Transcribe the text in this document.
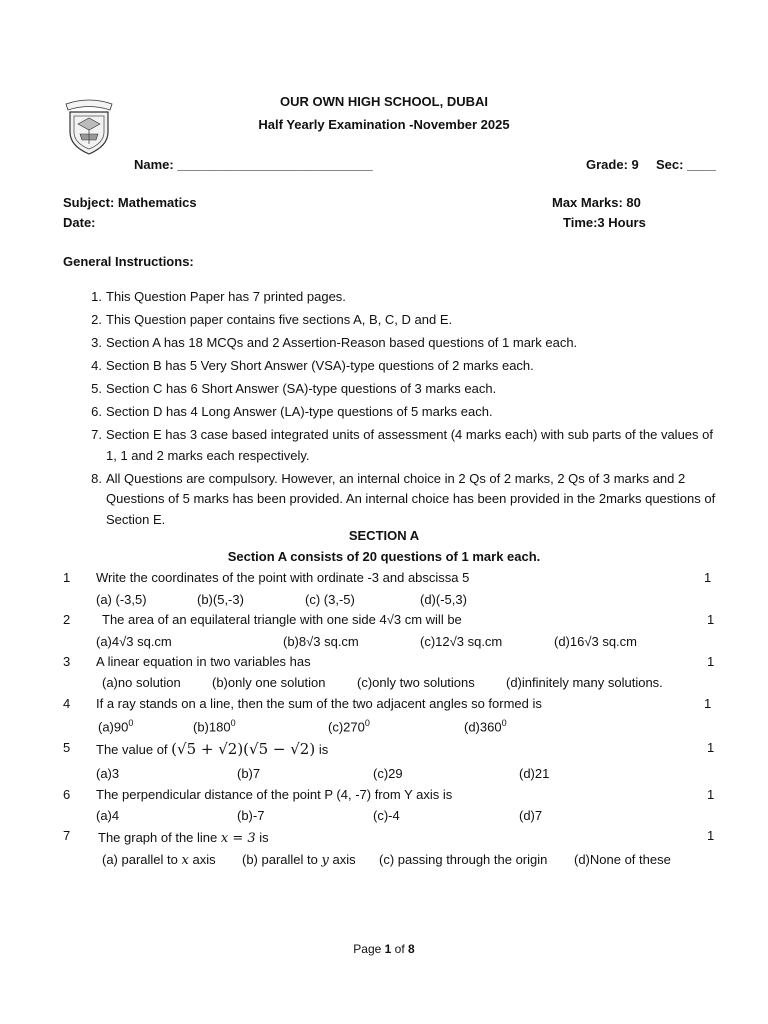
OUR OWN HIGH SCHOOL, DUBAI
Half Yearly Examination -November 2025
Name: ___________________________	Grade: 9 Sec: ____
Subject: Mathematics	Max Marks: 80
Date:	Time:3 Hours
General Instructions:
1. This Question Paper has 7 printed pages.
2. This Question paper contains five sections A, B, C, D and E.
3. Section A has 18 MCQs and 2 Assertion-Reason based questions of 1 mark each.
4. Section B has 5 Very Short Answer (VSA)-type questions of 2 marks each.
5. Section C has 6 Short Answer (SA)-type questions of 3 marks each.
6. Section D has 4 Long Answer (LA)-type questions of 5 marks each.
7. Section E has 3 case based integrated units of assessment (4 marks each) with sub parts of the values of 1, 1 and 2 marks each respectively.
8. All Questions are compulsory. However, an internal choice in 2 Qs of 2 marks, 2 Qs of 3 marks and 2 Questions of 5 marks has been provided. An internal choice has been provided in the 2marks questions of Section E.
SECTION A
Section A consists of 20 questions of 1 mark each.
1 Write the coordinates of the point with ordinate -3 and abscissa 5	1
(a) (-3,5)	(b)(5,-3)	(c) (3,-5)	(d)(-5,3)
2 The area of an equilateral triangle with one side 4√3 cm will be	1
(a)4√3 sq.cm	(b)8√3 sq.cm	(c)12√3 sq.cm	(d)16√3 sq.cm
3 A linear equation in two variables has	1
(a)no solution (b)only one solution (c)only two solutions (d)infinitely many solutions.
4 If a ray stands on a line, then the sum of the two adjacent angles so formed is	1
$(a)90^0$	$(b)180^0$	$(c)270^0$	$(d)360^0$
5 The value of (√5 + √2)(√5 − √2) is	1
(a)3	(b)7	(c)29	(d)21
6 The perpendicular distance of the point P (4, -7) from Y axis is	1
(a)4	(b)-7	(c)-4	(d)7
7 The graph of the line x = 3 is	1
(a) parallel to x axis (b) parallel to y axis (c) passing through the origin (d)None of these
Page 1 of 8
